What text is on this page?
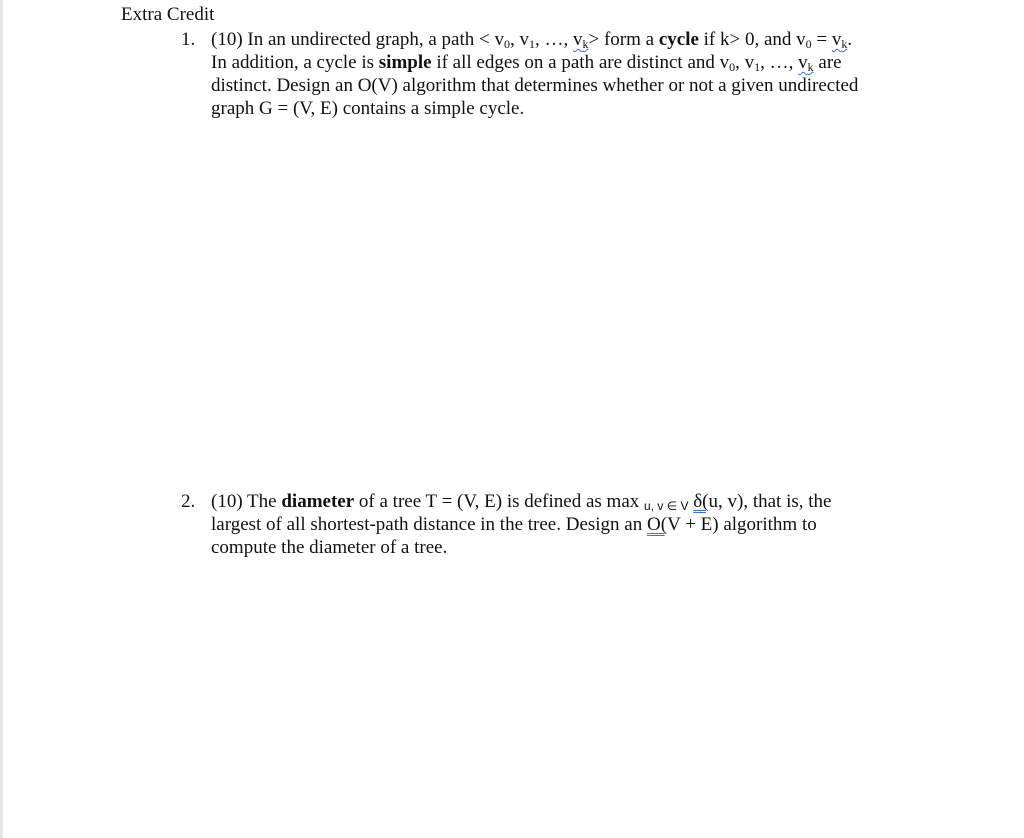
Extra Credit
1. (10) In an undirected graph, a path < v0, v1, …, vk> form a cycle if k> 0, and v0 = vk.
In addition, a cycle is simple if all edges on a path are distinct and v0, v1, …, vk are
distinct. Design an O(V) algorithm that determines whether or not a given undirected
graph G = (V, E) contains a simple cycle.
2. (10) The diameter of a tree T = (V, E) is defined as max u, v ∈ V δ(u, v), that is, the
largest of all shortest-path distance in the tree. Design an O(V + E) algorithm to
compute the diameter of a tree.
